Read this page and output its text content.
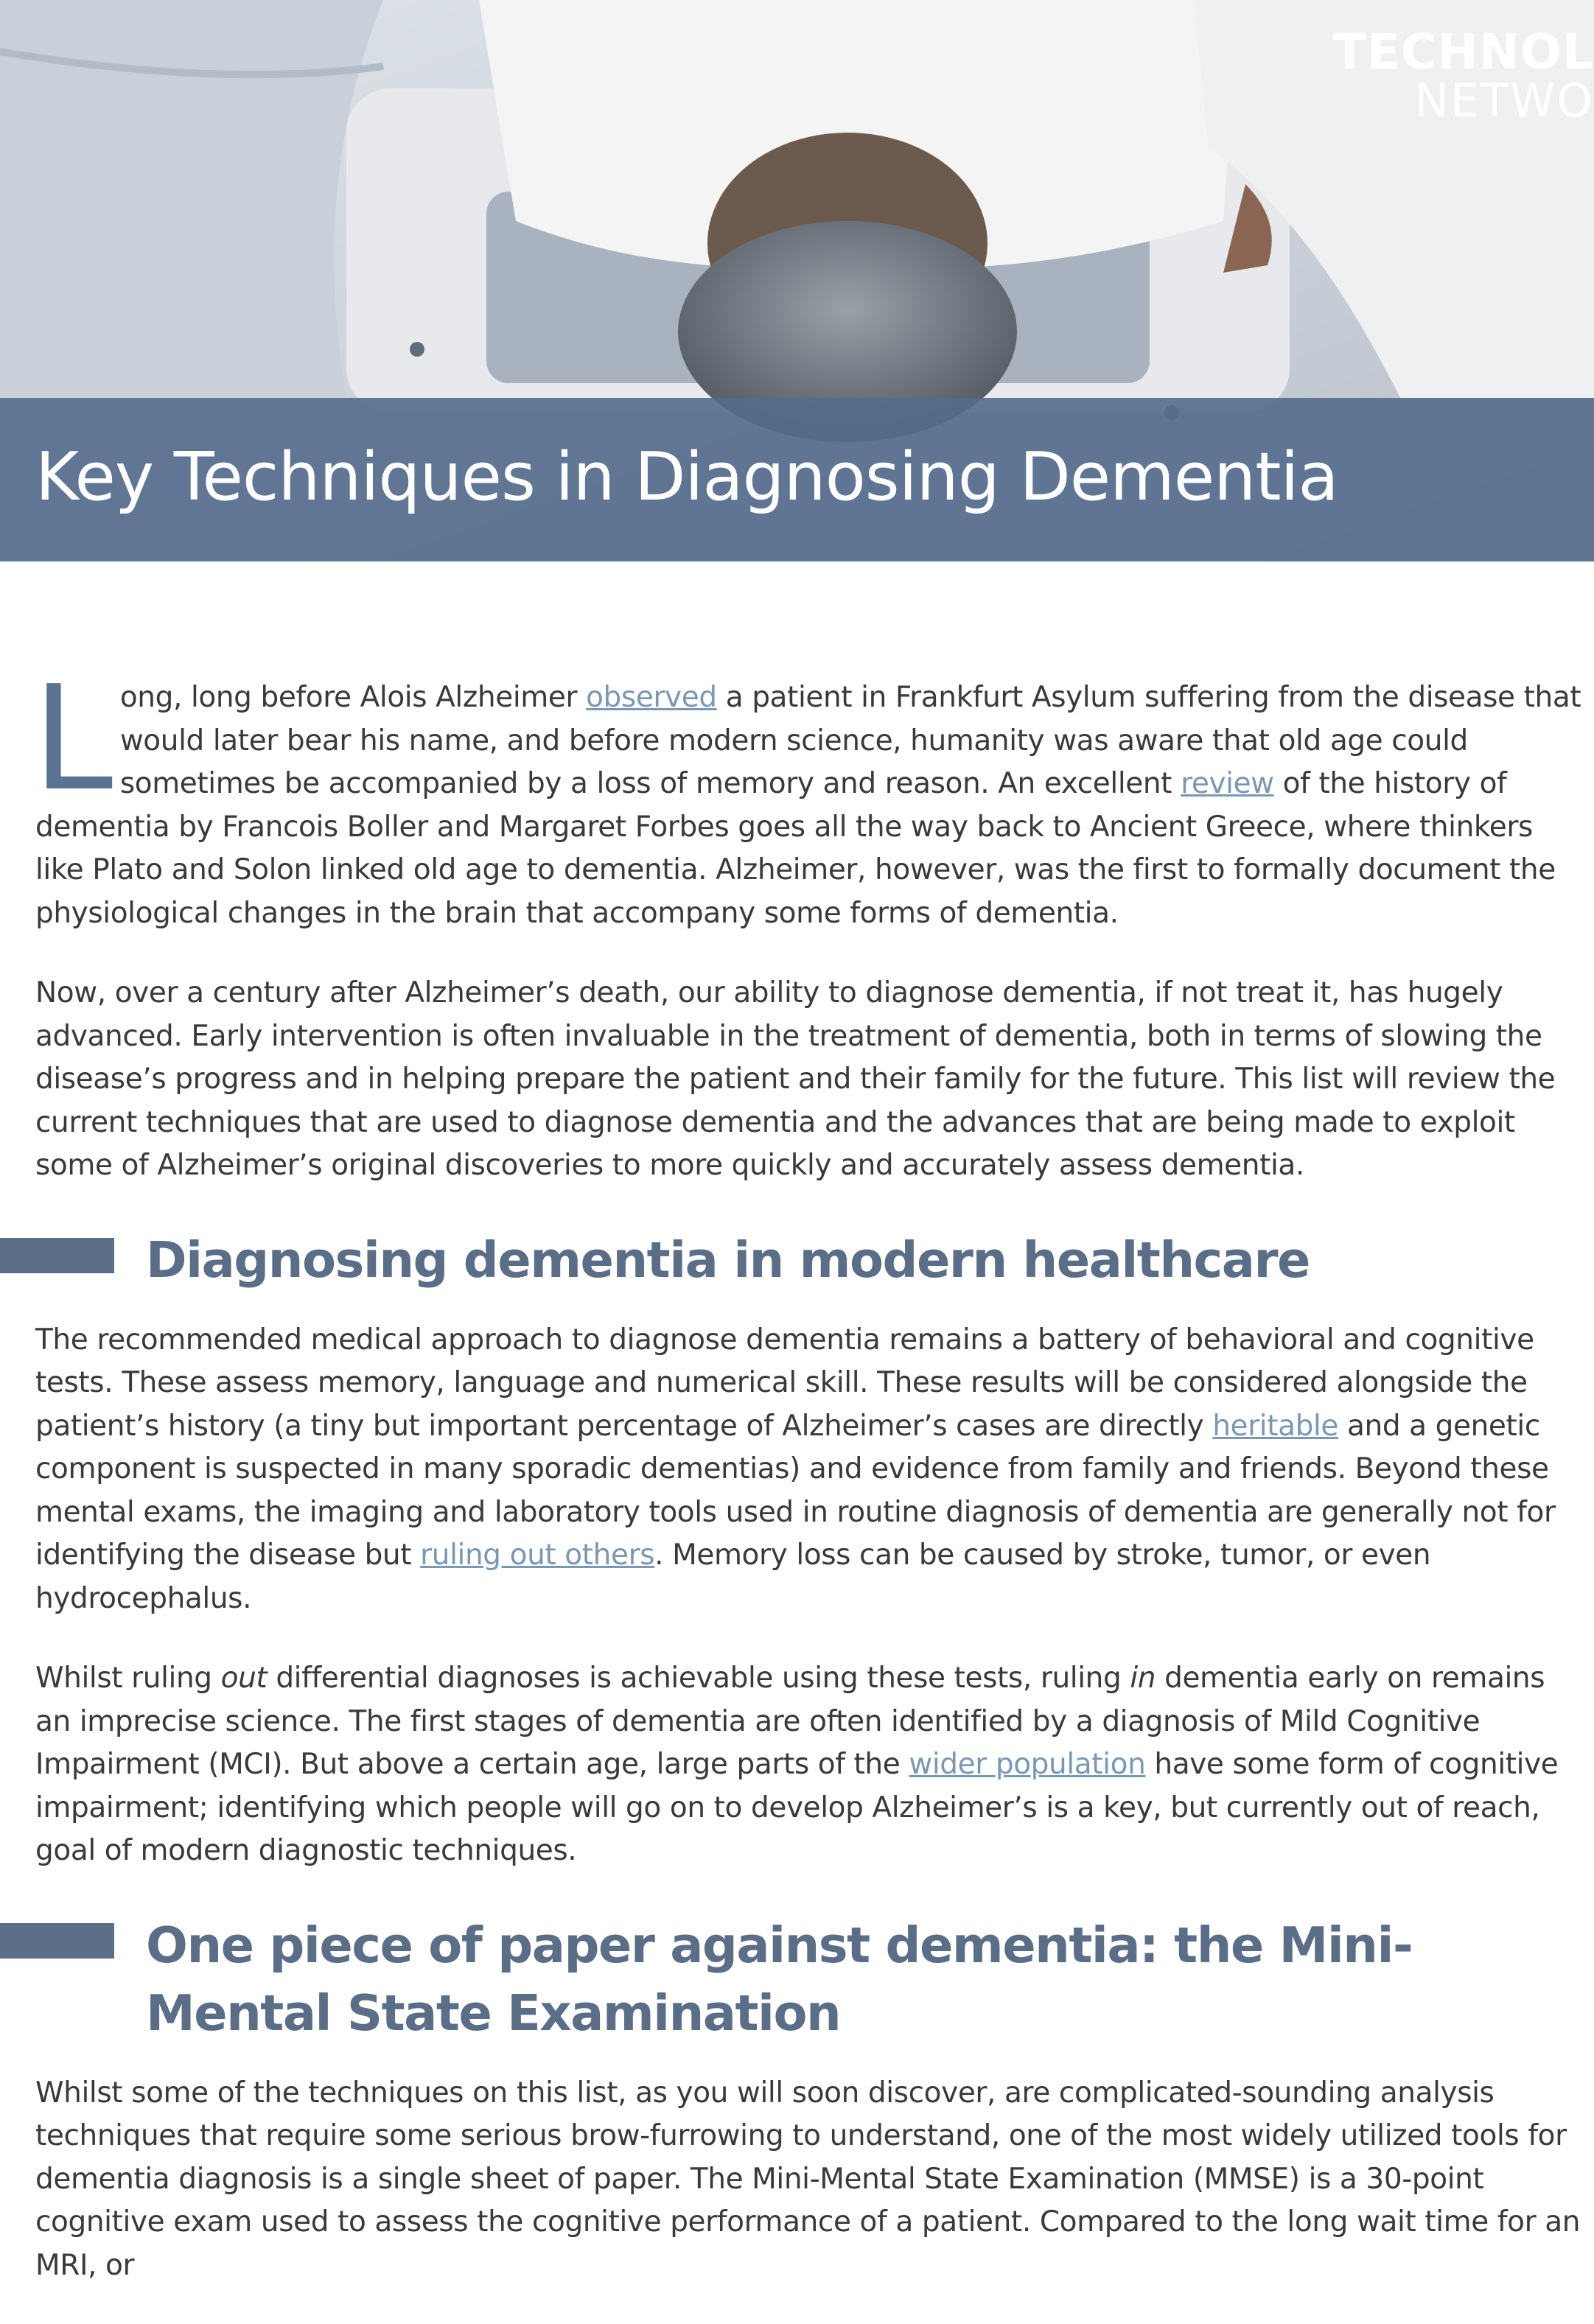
TECHNOL
NETWO
Key Techniques in Diagnosing Dementia

Long, long before Alois Alzheimer observed a patient in Frankfurt Asylum suffering from the disease that would later bear his name, and before modern science, humanity was aware that old age could sometimes be accompanied by a loss of memory and reason. An excellent review of the history of dementia by Francois Boller and Margaret Forbes goes all the way back to Ancient Greece, where thinkers like Plato and Solon linked old age to dementia. Alzheimer, however, was the first to formally document the physiological changes in the brain that accompany some forms of dementia.

Now, over a century after Alzheimer’s death, our ability to diagnose dementia, if not treat it, has hugely advanced. Early intervention is often invaluable in the treatment of dementia, both in terms of slowing the disease’s progress and in helping prepare the patient and their family for the future. This list will review the current techniques that are used to diagnose dementia and the advances that are being made to exploit some of Alzheimer’s original discoveries to more quickly and accurately assess dementia.

Diagnosing dementia in modern healthcare

The recommended medical approach to diagnose dementia remains a battery of behavioral and cognitive tests. These assess memory, language and numerical skill. These results will be considered alongside the patient’s history (a tiny but important percentage of Alzheimer’s cases are directly heritable and a genetic component is suspected in many sporadic dementias) and evidence from family and friends. Beyond these mental exams, the imaging and laboratory tools used in routine diagnosis of dementia are generally not for identifying the disease but ruling out others. Memory loss can be caused by stroke, tumor, or even hydrocephalus.

Whilst ruling out differential diagnoses is achievable using these tests, ruling in dementia early on remains an imprecise science. The first stages of dementia are often identified by a diagnosis of Mild Cognitive Impairment (MCI). But above a certain age, large parts of the wider population have some form of cognitive impairment; identifying which people will go on to develop Alzheimer’s is a key, but currently out of reach, goal of modern diagnostic techniques.

One piece of paper against dementia: the Mini-Mental State Examination

Whilst some of the techniques on this list, as you will soon discover, are complicated-sounding analysis techniques that require some serious brow-furrowing to understand, one of the most widely utilized tools for dementia diagnosis is a single sheet of paper. The Mini-Mental State Examination (MMSE) is a 30-point cognitive exam used to assess the cognitive performance of a patient. Compared to the long wait time for an MRI, or
